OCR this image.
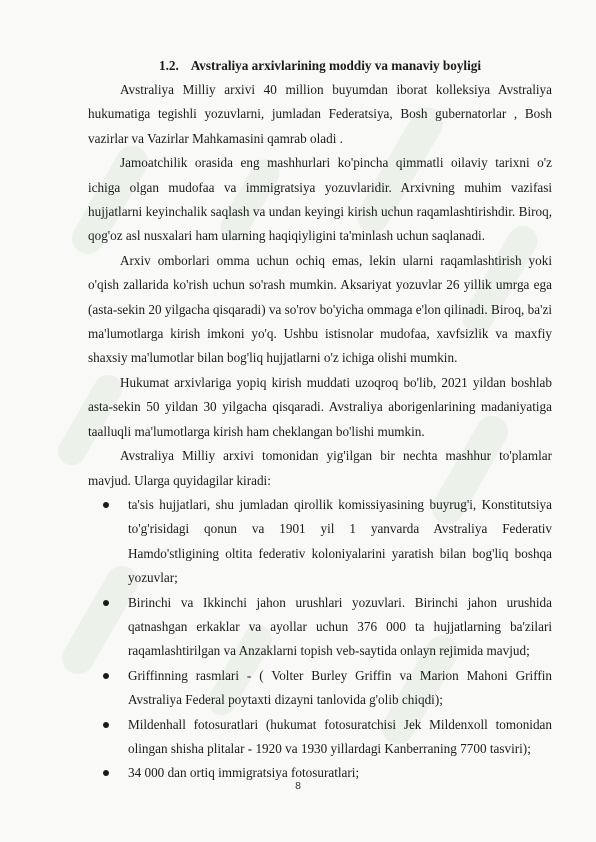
1.2. Avstraliya arxivlarining moddiy va manaviy boyligi

Avstraliya Milliy arxivi 40 million buyumdan iborat kolleksiya Avstraliya hukumatiga tegishli yozuvlarni, jumladan Federatsiya, Bosh gubernatorlar , Bosh vazirlar va Vazirlar Mahkamasini qamrab oladi .

Jamoatchilik orasida eng mashhurlari ko'pincha qimmatli oilaviy tarixni o'z ichiga olgan mudofaa va immigratsiya yozuvlaridir. Arxivning muhim vazifasi hujjatlarni keyinchalik saqlash va undan keyingi kirish uchun raqamlashtirishdir. Biroq, qog'oz asl nusxalari ham ularning haqiqiyligini ta'minlash uchun saqlanadi.

Arxiv omborlari omma uchun ochiq emas, lekin ularni raqamlashtirish yoki o'qish zallarida ko'rish uchun so'rash mumkin. Aksariyat yozuvlar 26 yillik umrga ega (asta-sekin 20 yilgacha qisqaradi) va so'rov bo'yicha ommaga e'lon qilinadi. Biroq, ba'zi ma'lumotlarga kirish imkoni yo'q. Ushbu istisnolar mudofaa, xavfsizlik va maxfiy shaxsiy ma'lumotlar bilan bog'liq hujjatlarni o'z ichiga olishi mumkin.

Hukumat arxivlariga yopiq kirish muddati uzoqroq bo'lib, 2021 yildan boshlab asta-sekin 50 yildan 30 yilgacha qisqaradi. Avstraliya aborigenlarining madaniyatiga taalluqli ma'lumotlarga kirish ham cheklangan bo'lishi mumkin.

Avstraliya Milliy arxivi tomonidan yig'ilgan bir nechta mashhur to'plamlar mavjud. Ularga quyidagilar kiradi:

ta'sis hujjatlari, shu jumladan qirollik komissiyasining buyrug'i, Konstitutsiya to'g'risidagi qonun va 1901 yil 1 yanvarda Avstraliya Federativ Hamdo'stligining oltita federativ koloniyalarini yaratish bilan bog'liq boshqa yozuvlar;
Birinchi va Ikkinchi jahon urushlari yozuvlari. Birinchi jahon urushida qatnashgan erkaklar va ayollar uchun 376 000 ta hujjatlarning ba'zilari raqamlashtirilgan va Anzaklarni topish veb-saytida onlayn rejimida mavjud;
Griffinning rasmlari - ( Volter Burley Griffin va Marion Mahoni Griffin Avstraliya Federal poytaxti dizayni tanlovida g'olib chiqdi);
Mildenhall fotosuratlari (hukumat fotosuratchisi Jek Mildenxoll tomonidan olingan shisha plitalar - 1920 va 1930 yillardagi Kanberraning 7700 tasviri);
34 000 dan ortiq immigratsiya fotosuratlari;
8
